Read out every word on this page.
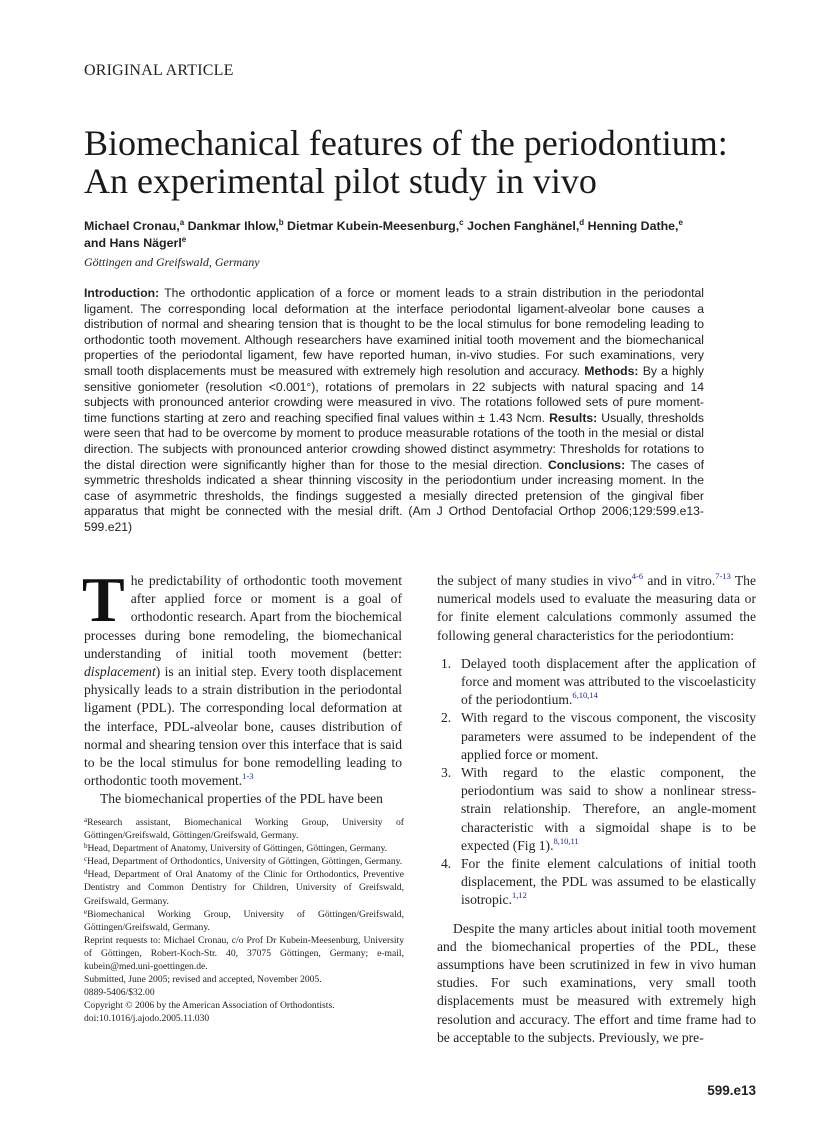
ORIGINAL ARTICLE
Biomechanical features of the periodontium:
An experimental pilot study in vivo
Michael Cronau,$^a$ Dankmar Ihlow,$^b$ Dietmar Kubein-Meesenburg,$^c$ Jochen Fanghänel,$^d$ Henning Dathe,$^e$
and Hans Nägerl$^e$
Göttingen and Greifswald, Germany
Introduction: The orthodontic application of a force or moment leads to a strain distribution in the periodontal ligament. The corresponding local deformation at the interface periodontal ligament-alveolar bone causes a distribution of normal and shearing tension that is thought to be the local stimulus for bone remodeling leading to orthodontic tooth movement. Although researchers have examined initial tooth movement and the biomechanical properties of the periodontal ligament, few have reported human, in-vivo studies. For such examinations, very small tooth displacements must be measured with extremely high resolution and accuracy. Methods: By a highly sensitive goniometer (resolution <0.001°), rotations of premolars in 22 subjects with natural spacing and 14 subjects with pronounced anterior crowding were measured in vivo. The rotations followed sets of pure moment-time functions starting at zero and reaching specified final values within ± 1.43 Ncm. Results: Usually, thresholds were seen that had to be overcome by moment to produce measurable rotations of the tooth in the mesial or distal direction. The subjects with pronounced anterior crowding showed distinct asymmetry: Thresholds for rotations to the distal direction were significantly higher than for those to the mesial direction. Conclusions: The cases of symmetric thresholds indicated a shear thinning viscosity in the periodontium under increasing moment. In the case of asymmetric thresholds, the findings suggested a mesially directed pretension of the gingival fiber apparatus that might be connected with the mesial drift. (Am J Orthod Dentofacial Orthop 2006;129:599.e13-599.e21)

The predictability of orthodontic tooth movement after applied force or moment is a goal of orthodontic research. Apart from the biochemical processes during bone remodeling, the biomechanical understanding of initial tooth movement (better: displacement) is an initial step. Every tooth displacement physically leads to a strain distribution in the periodontal ligament (PDL). The corresponding local deformation at the interface, PDL-alveolar bone, causes distribution of normal and shearing tension over this interface that is said to be the local stimulus for bone remodelling leading to orthodontic tooth movement.$^{1-3}$

The biomechanical properties of the PDL have been

$^a$Research assistant, Biomechanical Working Group, University of Göttingen/Greifswald, Göttingen/Greifswald, Germany.

$^b$Head, Department of Anatomy, University of Göttingen, Göttingen, Germany.

$^c$Head, Department of Orthodontics, University of Göttingen, Göttingen, Germany.

$^d$Head, Department of Oral Anatomy of the Clinic for Orthodontics, Preventive Dentistry and Common Dentistry for Children, University of Greifswald, Greifswald, Germany.

$^e$Biomechanical Working Group, University of Göttingen/Greifswald, Göttingen/Greifswald, Germany.

Reprint requests to: Michael Cronau, c/o Prof Dr Kubein-Meesenburg, University of Göttingen, Robert-Koch-Str. 40, 37075 Göttingen, Germany; e-mail, kubein@med.uni-goettingen.de.

Submitted, June 2005; revised and accepted, November 2005.

0889-5406/$32.00

Copyright © 2006 by the American Association of Orthodontists.

doi:10.1016/j.ajodo.2005.11.030

the subject of many studies in vivo$^{4-6}$ and in vitro.$^{7-13}$ The numerical models used to evaluate the measuring data or for finite element calculations commonly assumed the following general characteristics for the periodontium:

1. Delayed tooth displacement after the application of force and moment was attributed to the viscoelasticity of the periodontium.$^{6,10,14}$
2. With regard to the viscous component, the viscosity parameters were assumed to be independent of the applied force or moment.
3. With regard to the elastic component, the periodontium was said to show a nonlinear stress-strain relationship. Therefore, an angle-moment characteristic with a sigmoidal shape is to be expected (Fig 1).$^{8,10,11}$
4. For the finite element calculations of initial tooth displacement, the PDL was assumed to be elastically isotropic.$^{1,12}$

Despite the many articles about initial tooth movement and the biomechanical properties of the PDL, these assumptions have been scrutinized in few in vivo human studies. For such examinations, very small tooth displacements must be measured with extremely high resolution and accuracy. The effort and time frame had to be acceptable to the subjects. Previously, we pre-

599.e13
